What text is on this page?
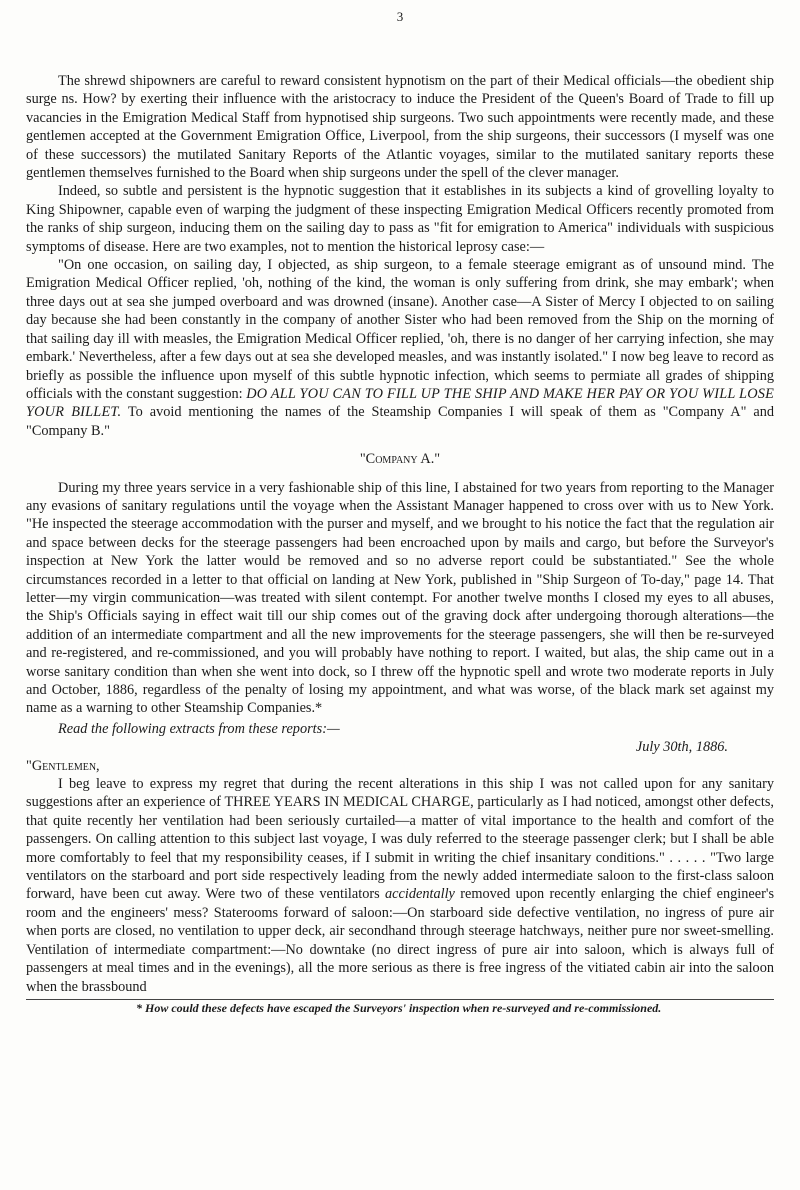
3

The shrewd shipowners are careful to reward consistent hypnotism on the part of their Medical officials—the obedient ship surge ns. How? by exerting their influence with the aristocracy to induce the President of the Queen's Board of Trade to fill up vacancies in the Emigration Medical Staff from hypnotised ship surgeons. Two such appointments were recently made, and these gentlemen accepted at the Government Emigration Office, Liverpool, from the ship surgeons, their successors (I myself was one of these successors) the mutilated Sanitary Reports of the Atlantic voyages, similar to the mutilated sanitary reports these gentlemen themselves furnished to the Board when ship surgeons under the spell of the clever manager.

Indeed, so subtle and persistent is the hypnotic suggestion that it establishes in its subjects a kind of grovelling loyalty to King Shipowner, capable even of warping the judgment of these inspecting Emigration Medical Officers recently promoted from the ranks of ship surgeon, inducing them on the sailing day to pass as "fit for emigration to America" individuals with suspicious symptoms of disease. Here are two examples, not to mention the historical leprosy case:—

"On one occasion, on sailing day, I objected, as ship surgeon, to a female steerage emigrant as of unsound mind. The Emigration Medical Officer replied, 'oh, nothing of the kind, the woman is only suffering from drink, she may embark'; when three days out at sea she jumped overboard and was drowned (insane). Another case—A Sister of Mercy I objected to on sailing day because she had been constantly in the company of another Sister who had been removed from the Ship on the morning of that sailing day ill with measles, the Emigration Medical Officer replied, 'oh, there is no danger of her carrying infection, she may embark.' Nevertheless, after a few days out at sea she developed measles, and was instantly isolated." I now beg leave to record as briefly as possible the influence upon myself of this subtle hypnotic infection, which seems to permiate all grades of shipping officials with the constant suggestion: DO ALL YOU CAN TO FILL UP THE SHIP AND MAKE HER PAY OR YOU WILL LOSE YOUR BILLET. To avoid mentioning the names of the Steamship Companies I will speak of them as "Company A" and "Company B."

"Company A."

During my three years service in a very fashionable ship of this line, I abstained for two years from reporting to the Manager any evasions of sanitary regulations until the voyage when the Assistant Manager happened to cross over with us to New York. "He inspected the steerage accommodation with the purser and myself, and we brought to his notice the fact that the regulation air and space between decks for the steerage passengers had been encroached upon by mails and cargo, but before the Surveyor's inspection at New York the latter would be removed and so no adverse report could be substantiated." See the whole circumstances recorded in a letter to that official on landing at New York, published in "Ship Surgeon of To-day," page 14. That letter—my virgin communication—was treated with silent contempt. For another twelve months I closed my eyes to all abuses, the Ship's Officials saying in effect wait till our ship comes out of the graving dock after undergoing thorough alterations—the addition of an intermediate compartment and all the new improvements for the steerage passengers, she will then be re-surveyed and re-registered, and re-commissioned, and you will probably have nothing to report. I waited, but alas, the ship came out in a worse sanitary condition than when she went into dock, so I threw off the hypnotic spell and wrote two moderate reports in July and October, 1886, regardless of the penalty of losing my appointment, and what was worse, of the black mark set against my name as a warning to other Steamship Companies.*

Read the following extracts from these reports:—

July 30th, 1886.
"Gentlemen,

I beg leave to express my regret that during the recent alterations in this ship I was not called upon for any sanitary suggestions after an experience of THREE YEARS IN MEDICAL CHARGE, particularly as I had noticed, amongst other defects, that quite recently her ventilation had been seriously curtailed—a matter of vital importance to the health and comfort of the passengers. On calling attention to this subject last voyage, I was duly referred to the steerage passenger clerk; but I shall be able more comfortably to feel that my responsibility ceases, if I submit in writing the chief insanitary conditions." . . . . . "Two large ventilators on the starboard and port side respectively leading from the newly added intermediate saloon to the first-class saloon forward, have been cut away. Were two of these ventilators accidentally removed upon recently enlarging the chief engineer's room and the engineers' mess? Staterooms forward of saloon:—On starboard side defective ventilation, no ingress of pure air when ports are closed, no ventilation to upper deck, air secondhand through steerage hatchways, neither pure nor sweet-smelling. Ventilation of intermediate compartment:—No downtake (no direct ingress of pure air into saloon, which is always full of passengers at meal times and in the evenings), all the more serious as there is free ingress of the vitiated cabin air into the saloon when the brassbound

* How could these defects have escaped the Surveyors' inspection when re-surveyed and re-commissioned.
